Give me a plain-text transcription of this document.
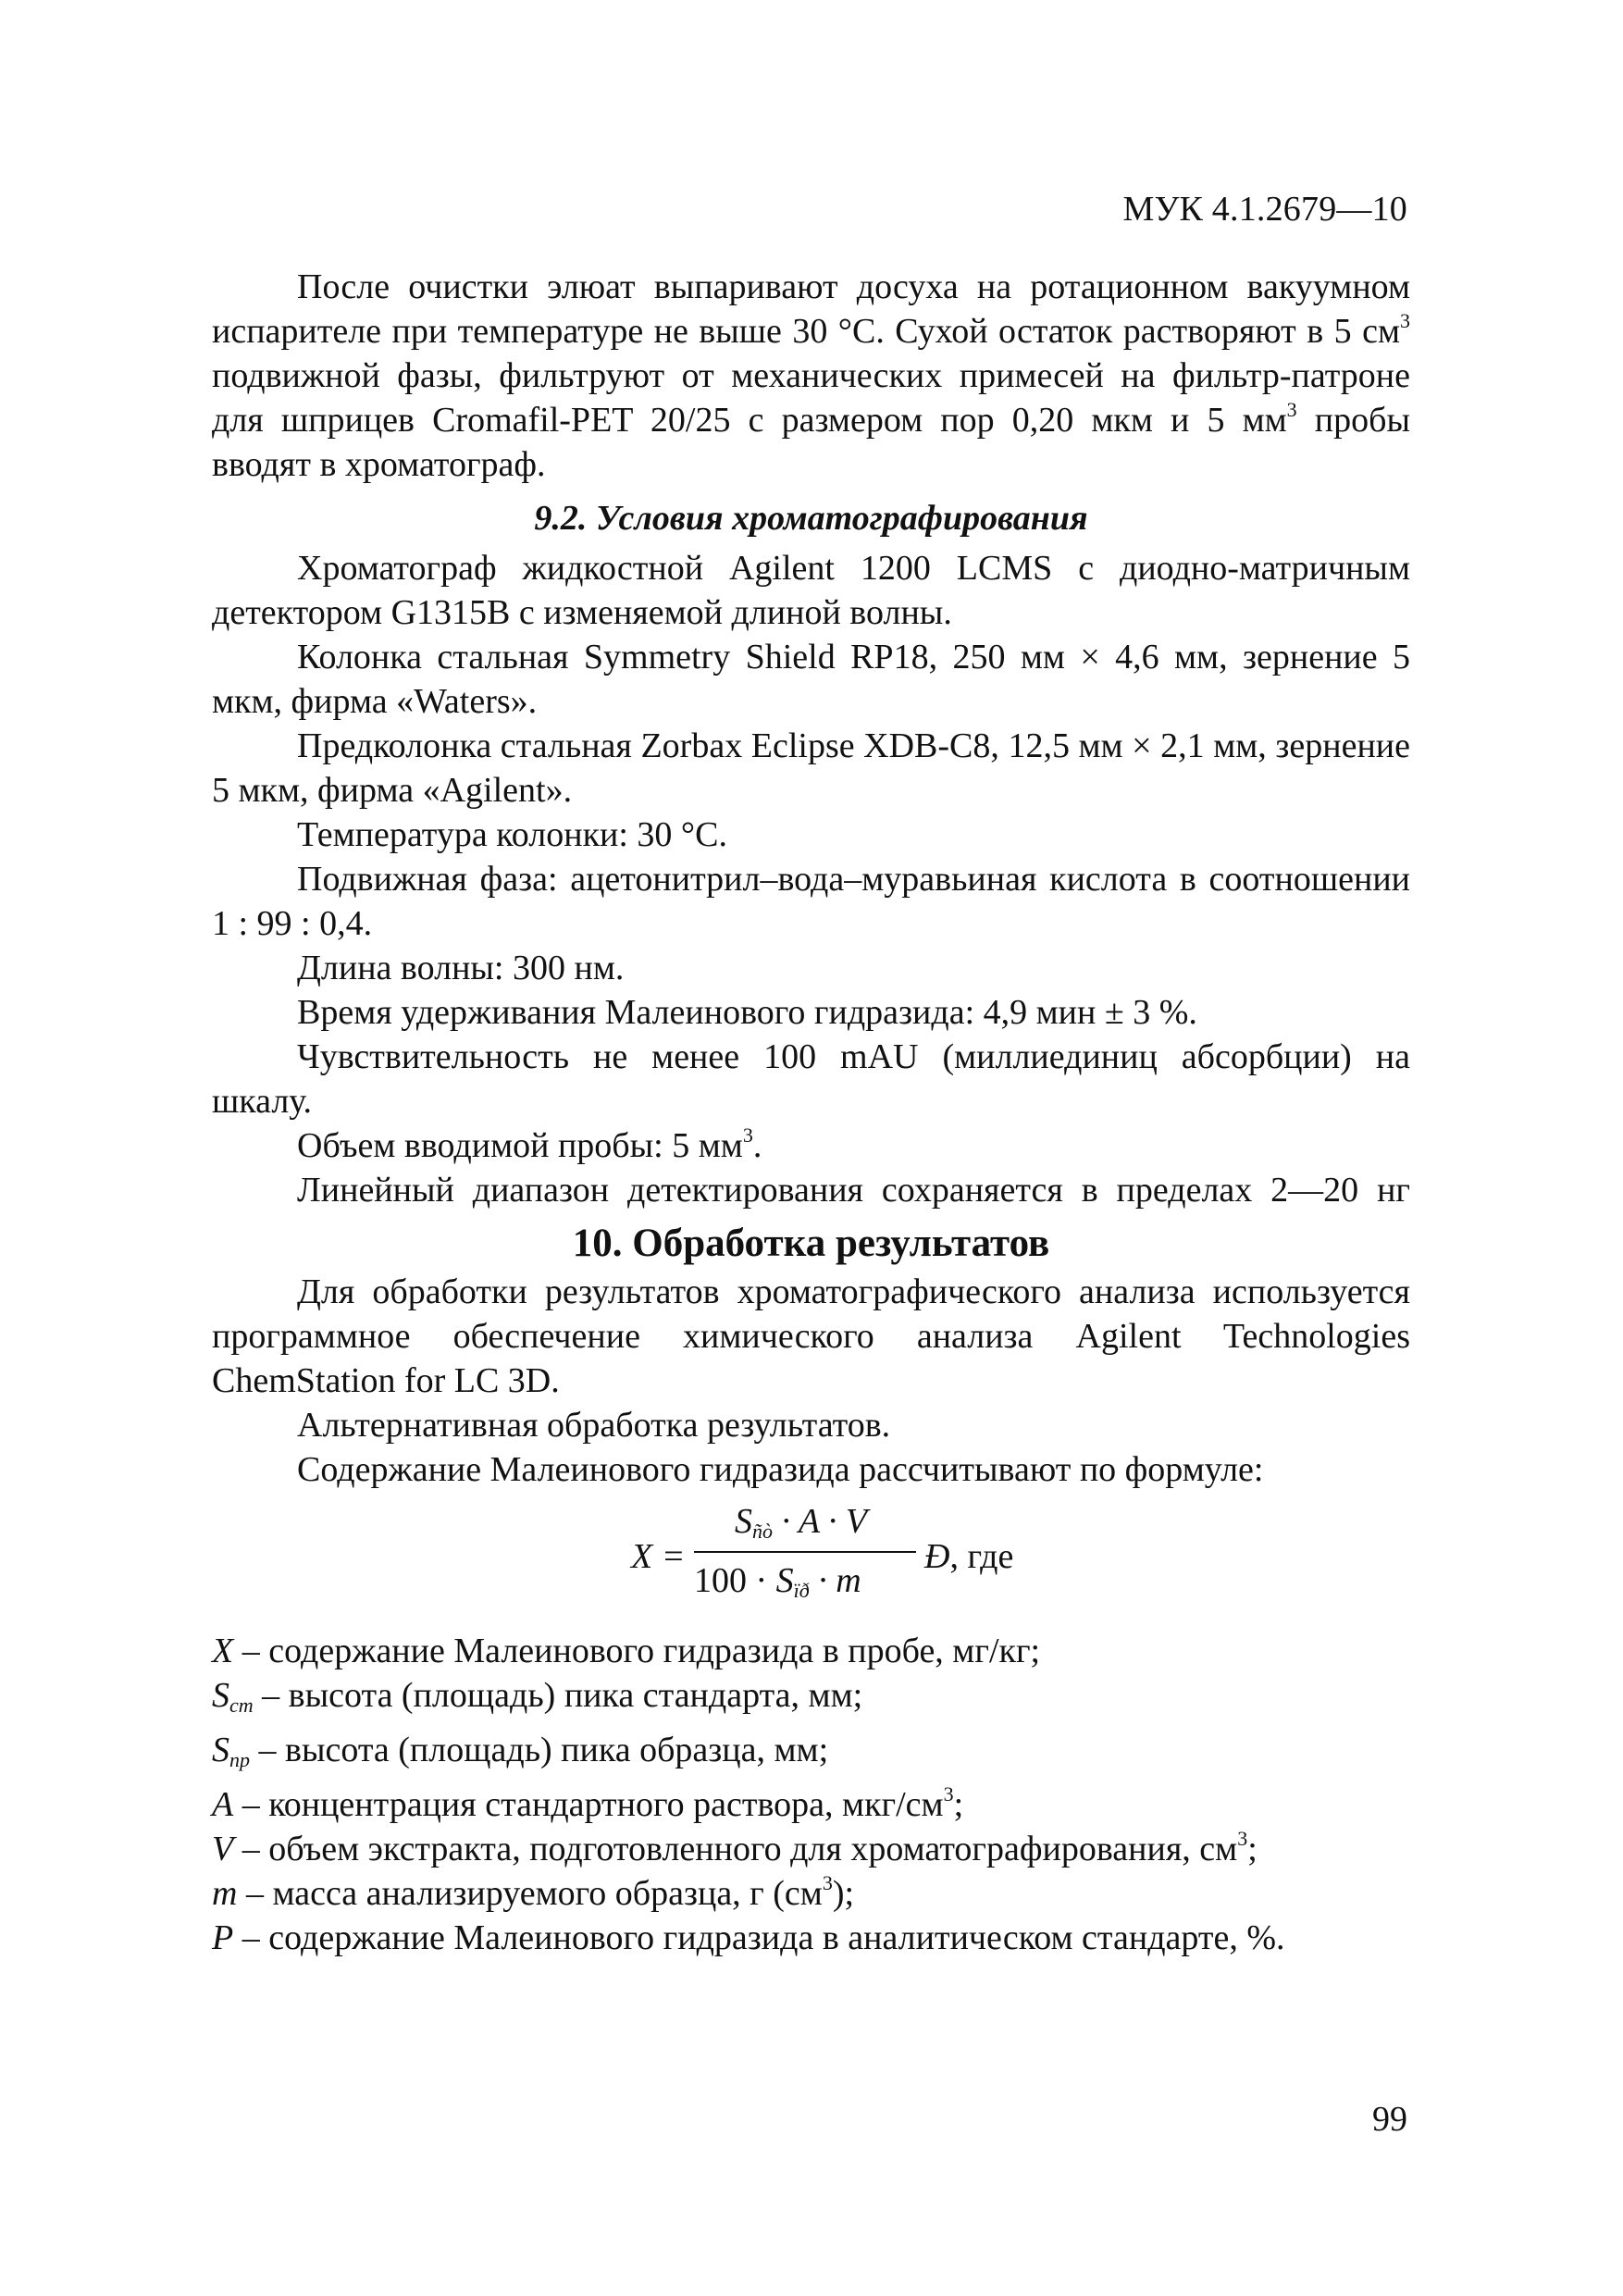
МУК 4.1.2679—10

После очистки элюат выпаривают досуха на ротационном вакуумном испарителе при температуре не выше 30 °С. Сухой остаток растворяют в 5 $см^3$ подвижной фазы, фильтруют от механических примесей на фильтр-патроне для шприцев Cromafil-PET 20/25 с размером пор 0,20 мкм и 5 $мм^3$ пробы вводят в хроматограф.

9.2. Условия хроматографирования

Хроматограф жидкостной Agilent 1200 LCMS с диодно-матричным детектором G1315В с изменяемой длиной волны.

Колонка стальная Symmetry Shield RP18, 250 мм × 4,6 мм, зернение 5 мкм, фирма «Waters».

Предколонка стальная Zorbax Eclipse XDB-C8, 12,5 мм × 2,1 мм, зернение 5 мкм, фирма «Agilent».

Температура колонки: 30 °С.

Подвижная фаза: ацетонитрил–вода–муравьиная кислота в соотношении 1 : 99 : 0,4.

Длина волны: 300 нм.

Время удерживания Малеинового гидразида: 4,9 мин ± 3 %.

Чувствительность не менее 100 mAU (миллиединиц абсорбции) на шкалу.

Объем вводимой пробы: 5 $мм^3$.

Линейный диапазон детектирования сохраняется в пределах 2—20 нг

10. Обработка результатов

Для обработки результатов хроматографического анализа используется программное обеспечение химического анализа Agilent Technologies ChemStation for LC 3D.

Альтернативная обработка результатов.

Содержание Малеинового гидразида рассчитывают по формуле:

X =
$S_{ñò} \cdot A \cdot V$
$100 \cdot S_{ïð} \cdot m$
Ð, где

X – содержание Малеинового гидразида в пробе, мг/кг;

$S_{ст}$ – высота (площадь) пика стандарта, мм;

$S_{пр}$ – высота (площадь) пика образца, мм;

A – концентрация стандартного раствора, мкг/$см^3$;

V – объем экстракта, подготовленного для хроматографирования, $см^3$;

m – масса анализируемого образца, г $(см^3)$;

P – содержание Малеинового гидразида в аналитическом стандарте, %.

99
